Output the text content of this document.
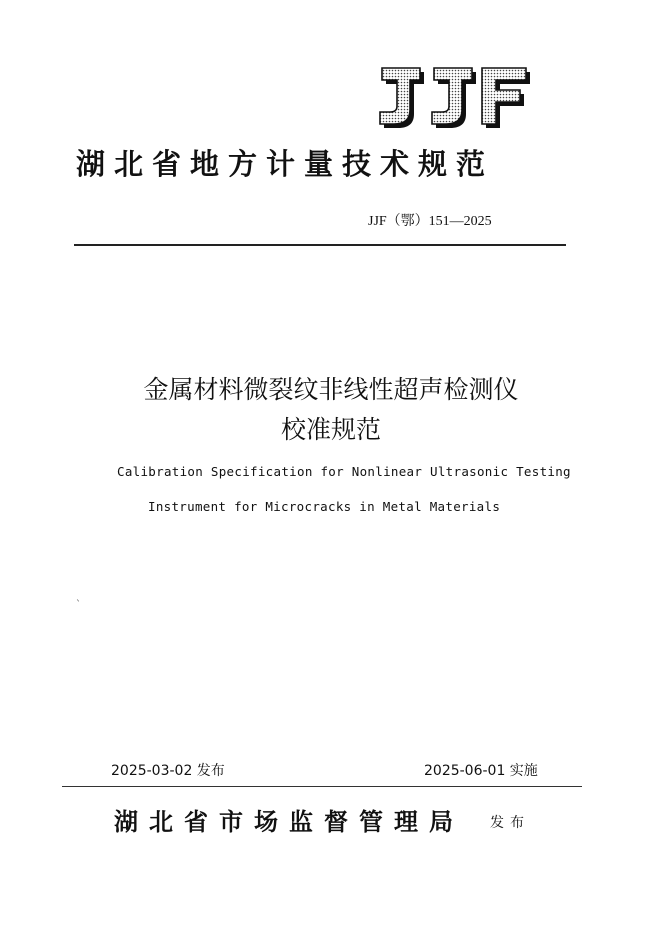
湖北省地方计量技术规范
JJF（鄂）151—2025
金属材料微裂纹非线性超声检测仪
校准规范
Calibration Specification for Nonlinear Ultrasonic Testing
Instrument for Microcracks in Metal Materials
`
2025-03-02 发布	2025-06-01 实施
湖北省市场监督管理局 发布
